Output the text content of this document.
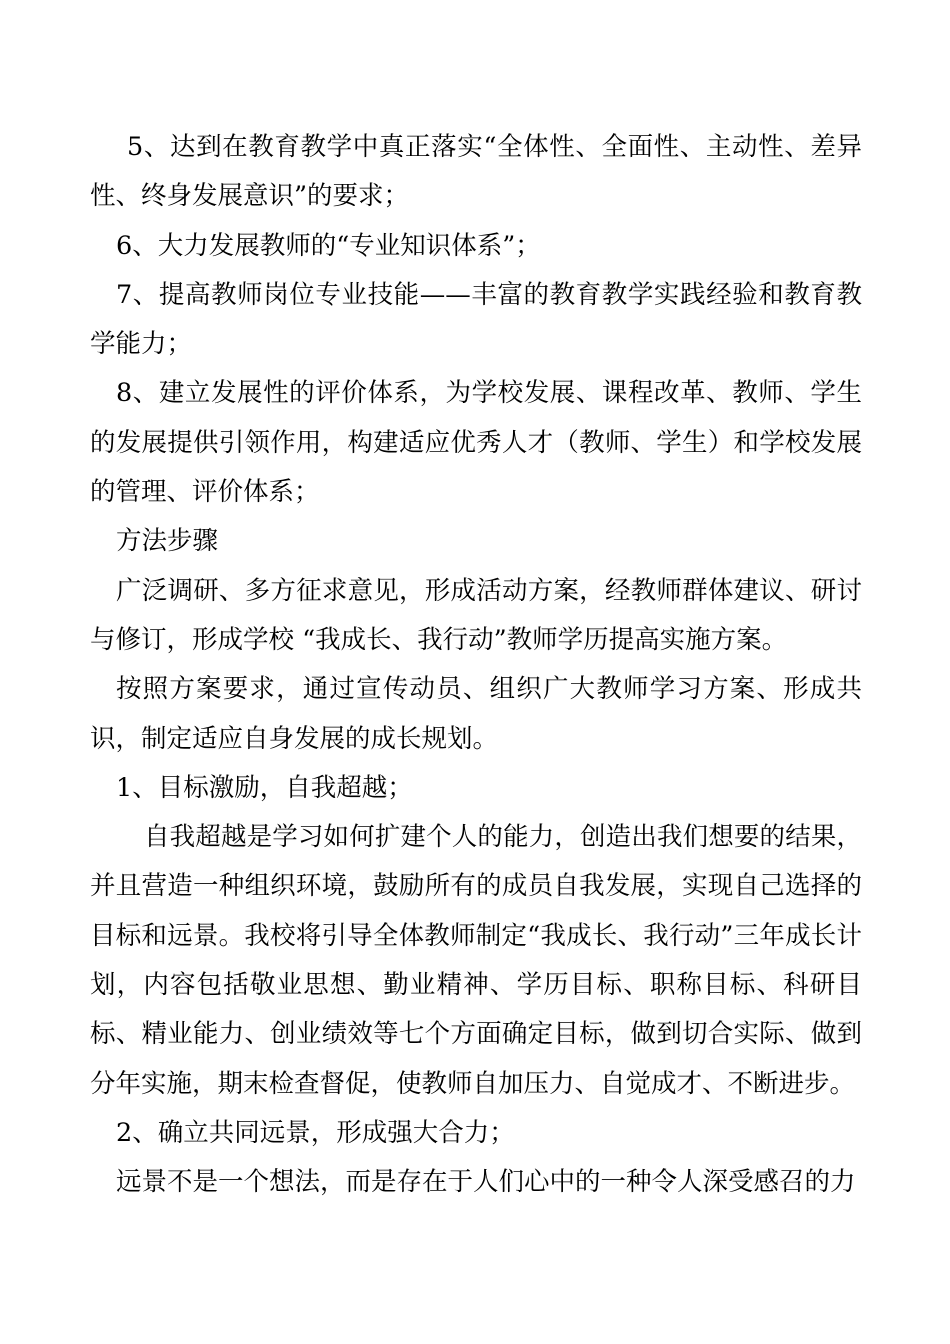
5、达到在教育教学中真正落实“全体性、全面性、主动性、差异性、终身发展意识”的要求；

6、大力发展教师的“专业知识体系”；

7、提高教师岗位专业技能——丰富的教育教学实践经验和教育教学能力；

8、建立发展性的评价体系，为学校发展、课程改革、教师、学生的发展提供引领作用，构建适应优秀人才（教师、学生）和学校发展的管理、评价体系；

方法步骤

广泛调研、多方征求意见，形成活动方案，经教师群体建议、研讨与修订，形成学校 “我成长、我行动”教师学历提高实施方案。

按照方案要求，通过宣传动员、组织广大教师学习方案、形成共识，制定适应自身发展的成长规划。

1、目标激励，自我超越；

自我超越是学习如何扩建个人的能力，创造出我们想要的结果，并且营造一种组织环境，鼓励所有的成员自我发展，实现自己选择的目标和远景。我校将引导全体教师制定“我成长、我行动”三年成长计划，内容包括敬业思想、勤业精神、学历目标、职称目标、科研目标、精业能力、创业绩效等七个方面确定目标，做到切合实际、做到分年实施，期末检查督促，使教师自加压力、自觉成才、不断进步。

2、确立共同远景，形成强大合力；

远景不是一个想法，而是存在于人们心中的一种令人深受感召的力
